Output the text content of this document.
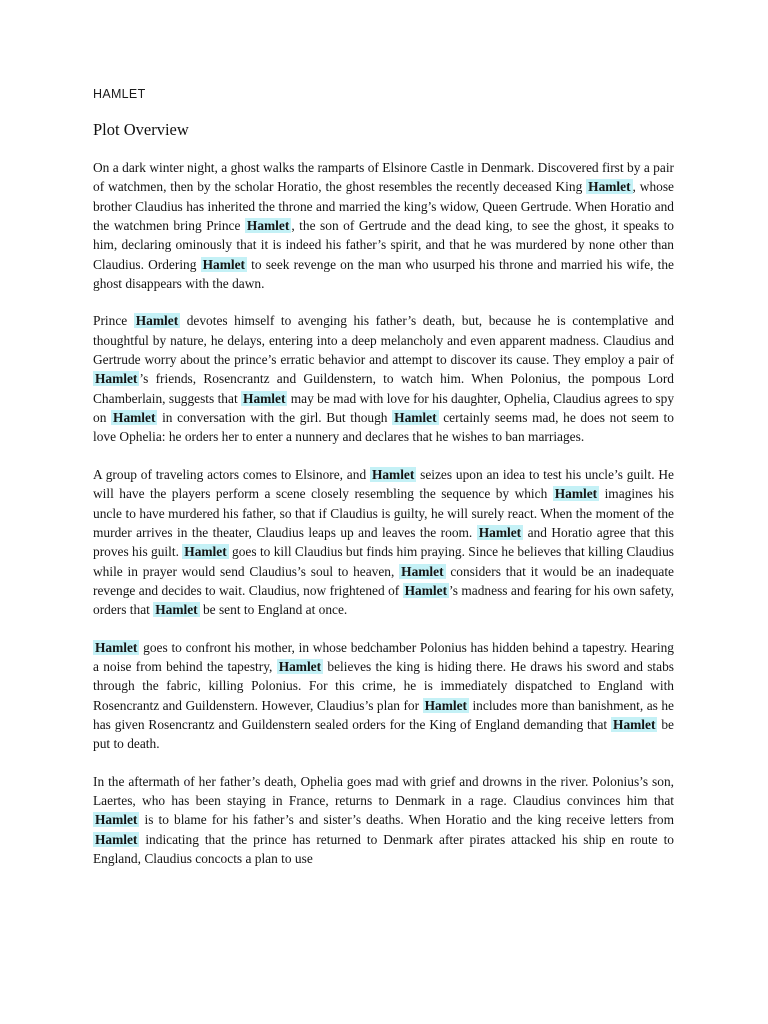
HAMLET
Plot Overview

On a dark winter night, a ghost walks the ramparts of Elsinore Castle in Denmark. Discovered first by a pair of watchmen, then by the scholar Horatio, the ghost resembles the recently deceased King Hamlet , whose brother Claudius has inherited the throne and married the king’s widow, Queen Gertrude. When Horatio and the watchmen bring Prince Hamlet , the son of Gertrude and the dead king, to see the ghost, it speaks to him, declaring ominously that it is indeed his father’s spirit, and that he was murdered by none other than Claudius. Ordering Hamlet to seek revenge on the man who usurped his throne and married his wife, the ghost disappears with the dawn.

Prince Hamlet devotes himself to avenging his father’s death, but, because he is contemplative and thoughtful by nature, he delays, entering into a deep melancholy and even apparent madness. Claudius and Gertrude worry about the prince’s erratic behavior and attempt to discover its cause. They employ a pair of Hamlet ’s friends, Rosencrantz and Guildenstern, to watch him. When Polonius, the pompous Lord Chamberlain, suggests that Hamlet may be mad with love for his daughter, Ophelia, Claudius agrees to spy on Hamlet in conversation with the girl. But though Hamlet certainly seems mad, he does not seem to love Ophelia: he orders her to enter a nunnery and declares that he wishes to ban marriages.

A group of traveling actors comes to Elsinore, and Hamlet seizes upon an idea to test his uncle’s guilt. He will have the players perform a scene closely resembling the sequence by which Hamlet imagines his uncle to have murdered his father, so that if Claudius is guilty, he will surely react. When the moment of the murder arrives in the theater, Claudius leaps up and leaves the room. Hamlet and Horatio agree that this proves his guilt. Hamlet goes to kill Claudius but finds him praying. Since he believes that killing Claudius while in prayer would send Claudius’s soul to heaven, Hamlet considers that it would be an inadequate revenge and decides to wait. Claudius, now frightened of Hamlet ’s madness and fearing for his own safety, orders that Hamlet be sent to England at once.

Hamlet goes to confront his mother, in whose bedchamber Polonius has hidden behind a tapestry. Hearing a noise from behind the tapestry, Hamlet believes the king is hiding there. He draws his sword and stabs through the fabric, killing Polonius. For this crime, he is immediately dispatched to England with Rosencrantz and Guildenstern. However, Claudius’s plan for Hamlet includes more than banishment, as he has given Rosencrantz and Guildenstern sealed orders for the King of England demanding that Hamlet be put to death.

In the aftermath of her father’s death, Ophelia goes mad with grief and drowns in the river. Polonius’s son, Laertes, who has been staying in France, returns to Denmark in a rage. Claudius convinces him that Hamlet is to blame for his father’s and sister’s deaths. When Horatio and the king receive letters from Hamlet indicating that the prince has returned to Denmark after pirates attacked his ship en route to England, Claudius concocts a plan to use
